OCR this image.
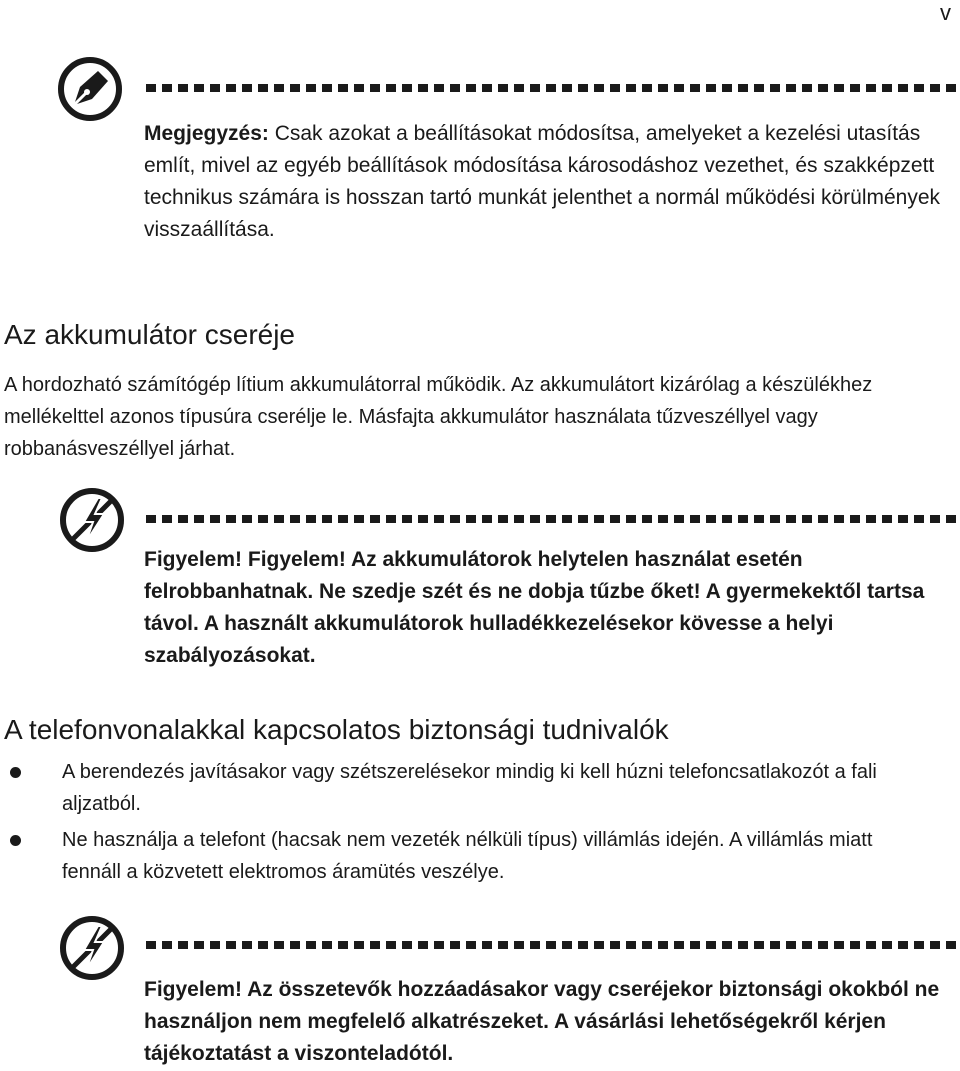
v
Megjegyzés: Csak azokat a beállításokat módosítsa, amelyeket a kezelési utasítás említ, mivel az egyéb beállítások módosítása károsodáshoz vezethet, és szakképzett technikus számára is hosszan tartó munkát jelenthet a normál működési körülmények visszaállítása.
Az akkumulátor cseréje
A hordozható számítógép lítium akkumulátorral működik. Az akkumulátort kizárólag a készülékhez mellékelttel azonos típusúra cserélje le. Másfajta akkumulátor használata tűzveszéllyel vagy robbanásveszéllyel járhat.
Figyelem! Figyelem! Az akkumulátorok helytelen használat esetén felrobbanhatnak. Ne szedje szét és ne dobja tűzbe őket! A gyermekektől tartsa távol. A használt akkumulátorok hulladékkezelésekor kövesse a helyi szabályozásokat.
A telefonvonalakkal kapcsolatos biztonsági tudnivalók
A berendezés javításakor vagy szétszerelésekor mindig ki kell húzni telefoncsatlakozót a fali aljzatból.
Ne használja a telefont (hacsak nem vezeték nélküli típus) villámlás idején. A villámlás miatt fennáll a közvetett elektromos áramütés veszélye.
Figyelem! Az összetevők hozzáadásakor vagy cseréjekor biztonsági okokból ne használjon nem megfelelő alkatrészeket. A vásárlási lehetőségekről kérjen tájékoztatást a viszonteladótól.
